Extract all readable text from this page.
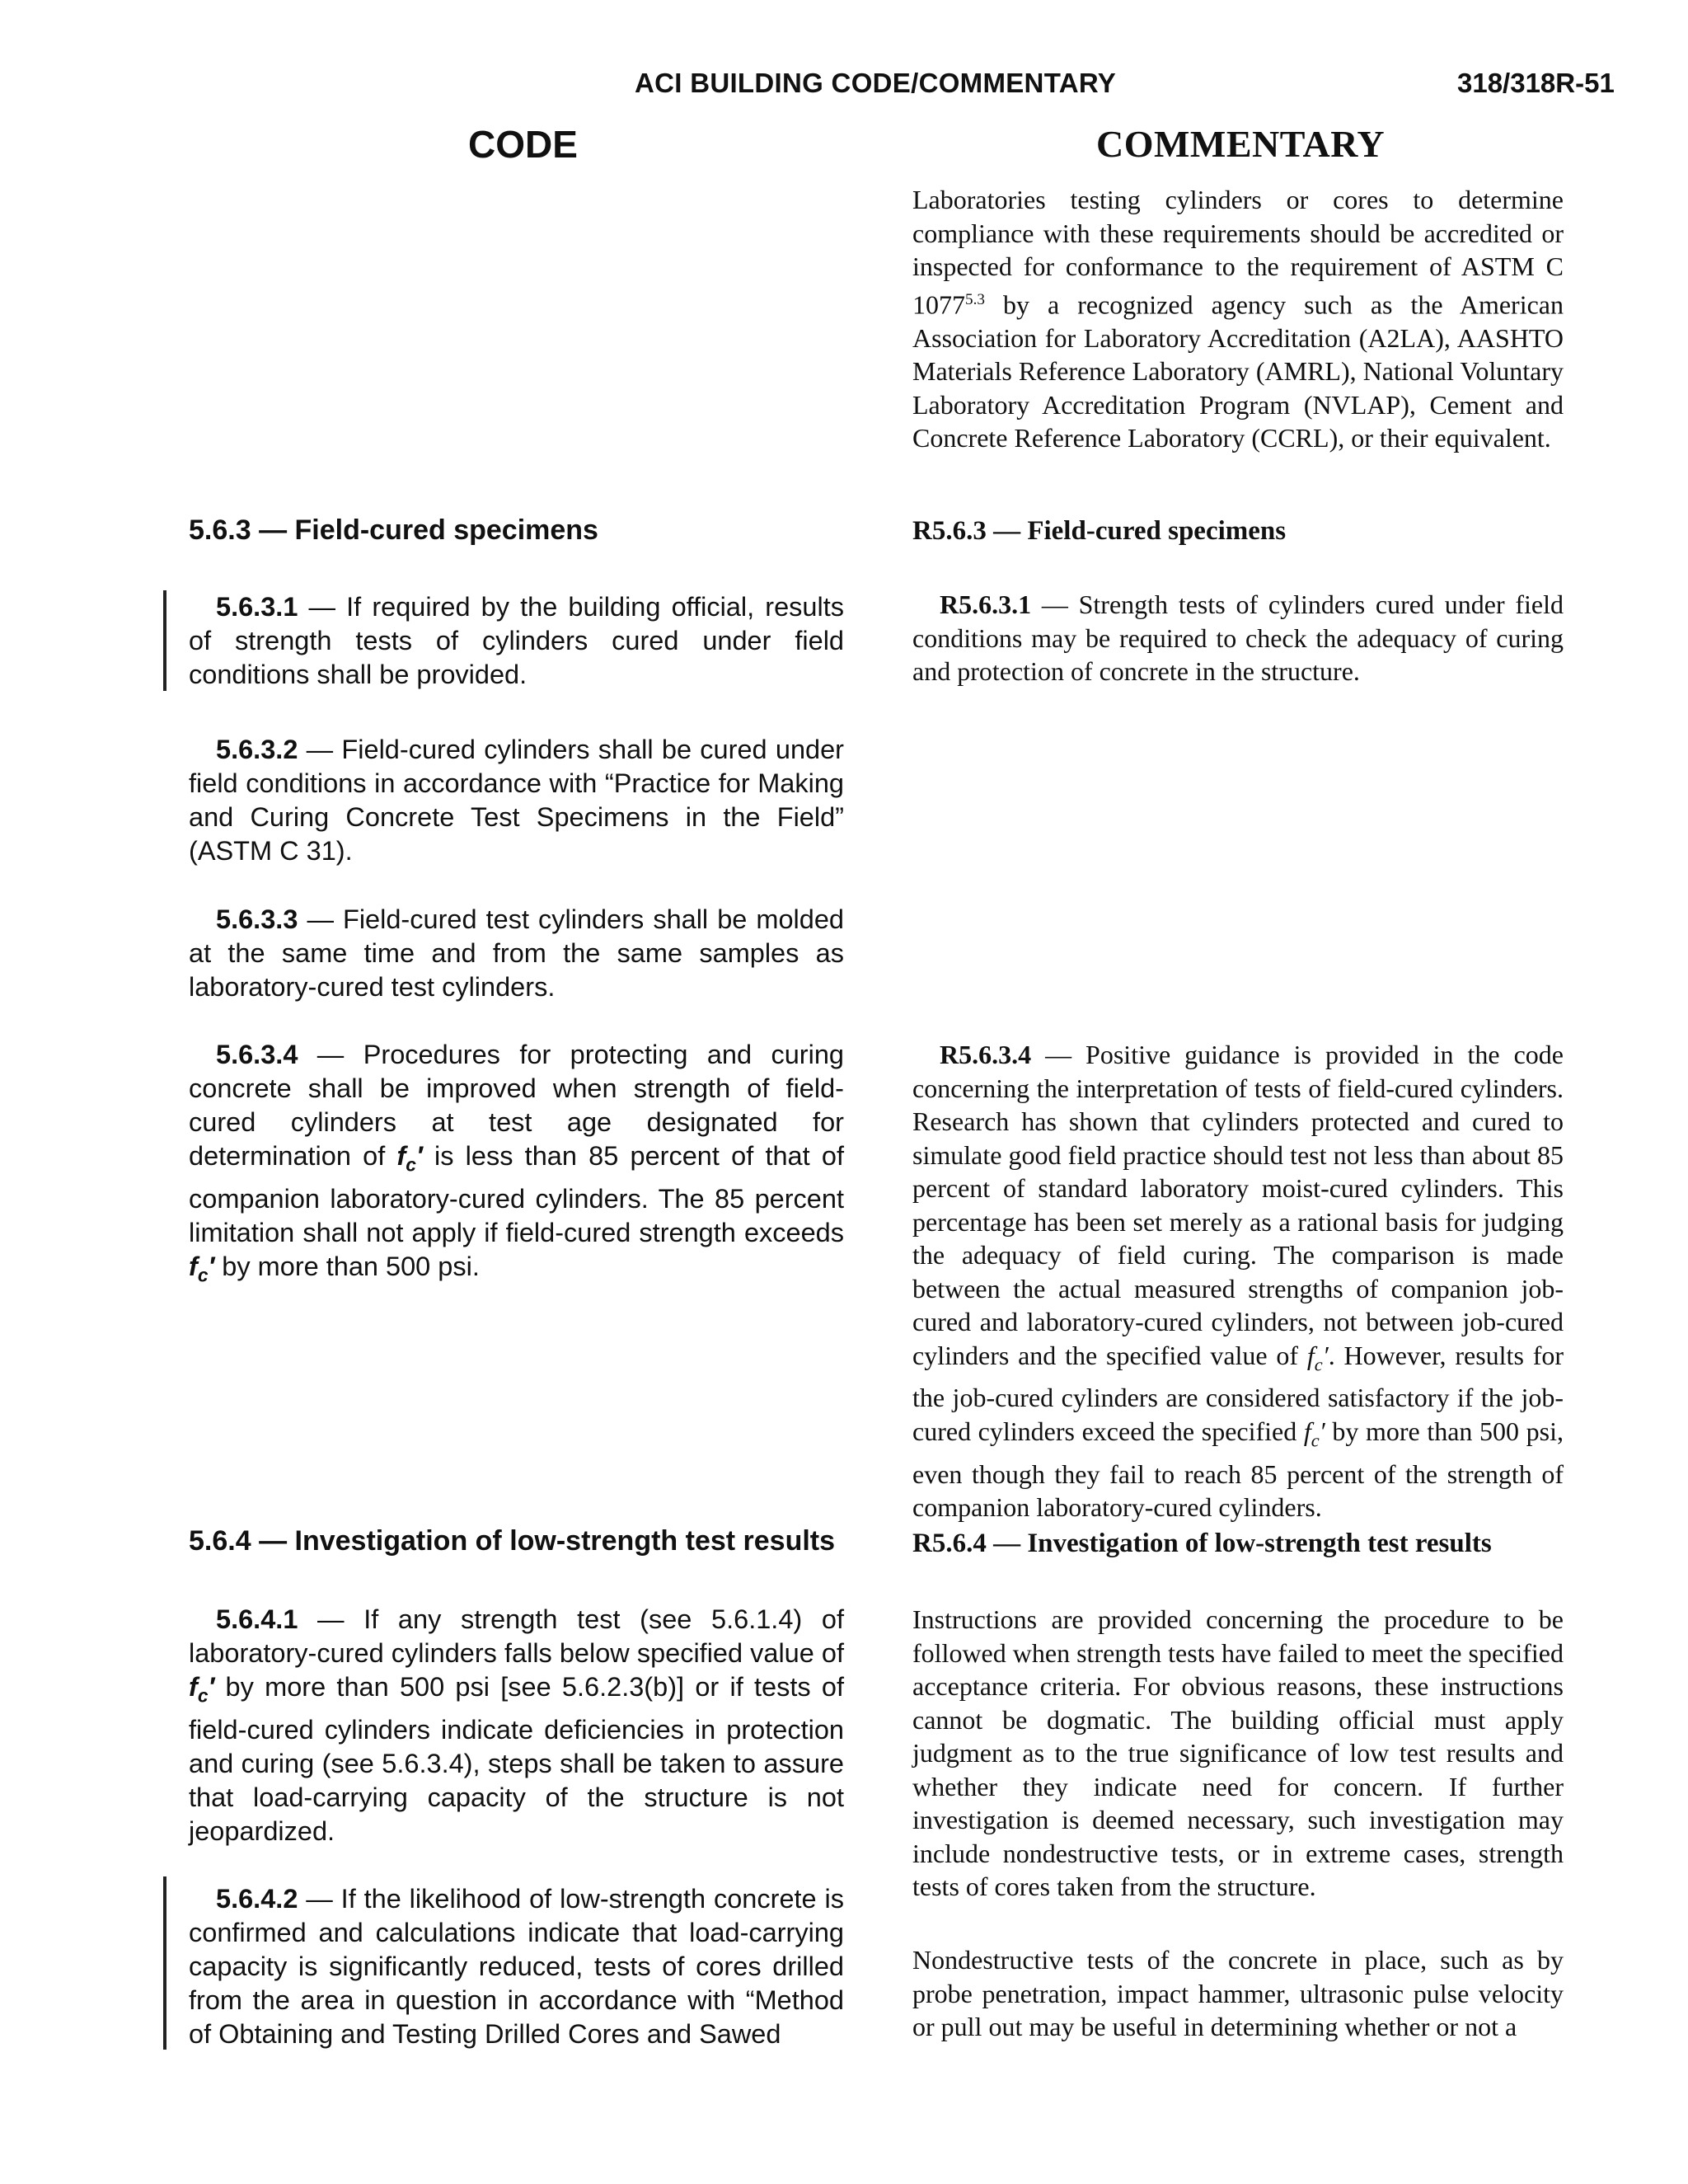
ACI BUILDING CODE/COMMENTARY	318/318R-51
CODE	COMMENTARY
Laboratories testing cylinders or cores to determine compliance with these requirements should be accredited or inspected for conformance to the requirement of ASTM C $1077^{5.3}$ by a recognized agency such as the American Association for Laboratory Accreditation (A2LA), AASHTO Materials Reference Laboratory (AMRL), National Voluntary Laboratory Accreditation Program (NVLAP), Cement and Concrete Reference Laboratory (CCRL), or their equivalent.
5.6.3 — Field-cured specimens	R5.6.3 — Field-cured specimens
5.6.3.1 — If required by the building official, results of strength tests of cylinders cured under field conditions shall be provided.
R5.6.3.1 — Strength tests of cylinders cured under field conditions may be required to check the adequacy of curing and protection of concrete in the structure.
5.6.3.2 — Field-cured cylinders shall be cured under field conditions in accordance with “Practice for Making and Curing Concrete Test Specimens in the Field” (ASTM C 31).
5.6.3.3 — Field-cured test cylinders shall be molded at the same time and from the same samples as laboratory-cured test cylinders.
5.6.3.4 — Procedures for protecting and curing concrete shall be improved when strength of field-cured cylinders at test age designated for determination of $f_c'$ is less than 85 percent of that of companion laboratory-cured cylinders. The 85 percent limitation shall not apply if field-cured strength exceeds $f_c'$ by more than 500 psi.
R5.6.3.4 — Positive guidance is provided in the code concerning the interpretation of tests of field-cured cylinders. Research has shown that cylinders protected and cured to simulate good field practice should test not less than about 85 percent of standard laboratory moist-cured cylinders. This percentage has been set merely as a rational basis for judging the adequacy of field curing. The comparison is made between the actual measured strengths of companion job-cured and laboratory-cured cylinders, not between job-cured cylinders and the specified value of $f_c'$. However, results for the job-cured cylinders are considered satisfactory if the job-cured cylinders exceed the specified $f_c'$ by more than 500 psi, even though they fail to reach 85 percent of the strength of companion laboratory-cured cylinders.
5.6.4 — Investigation of low-strength test results	R5.6.4 — Investigation of low-strength test results
5.6.4.1 — If any strength test (see 5.6.1.4) of laboratory-cured cylinders falls below specified value of $f_c'$ by more than 500 psi [see 5.6.2.3(b)] or if tests of field-cured cylinders indicate deficiencies in protection and curing (see 5.6.3.4), steps shall be taken to assure that load-carrying capacity of the structure is not jeopardized.
Instructions are provided concerning the procedure to be followed when strength tests have failed to meet the specified acceptance criteria. For obvious reasons, these instructions cannot be dogmatic. The building official must apply judgment as to the true significance of low test results and whether they indicate need for concern. If further investigation is deemed necessary, such investigation may include nondestructive tests, or in extreme cases, strength tests of cores taken from the structure.
5.6.4.2 — If the likelihood of low-strength concrete is confirmed and calculations indicate that load-carrying capacity is significantly reduced, tests of cores drilled from the area in question in accordance with “Method of Obtaining and Testing Drilled Cores and Sawed
Nondestructive tests of the concrete in place, such as by probe penetration, impact hammer, ultrasonic pulse velocity or pull out may be useful in determining whether or not a
